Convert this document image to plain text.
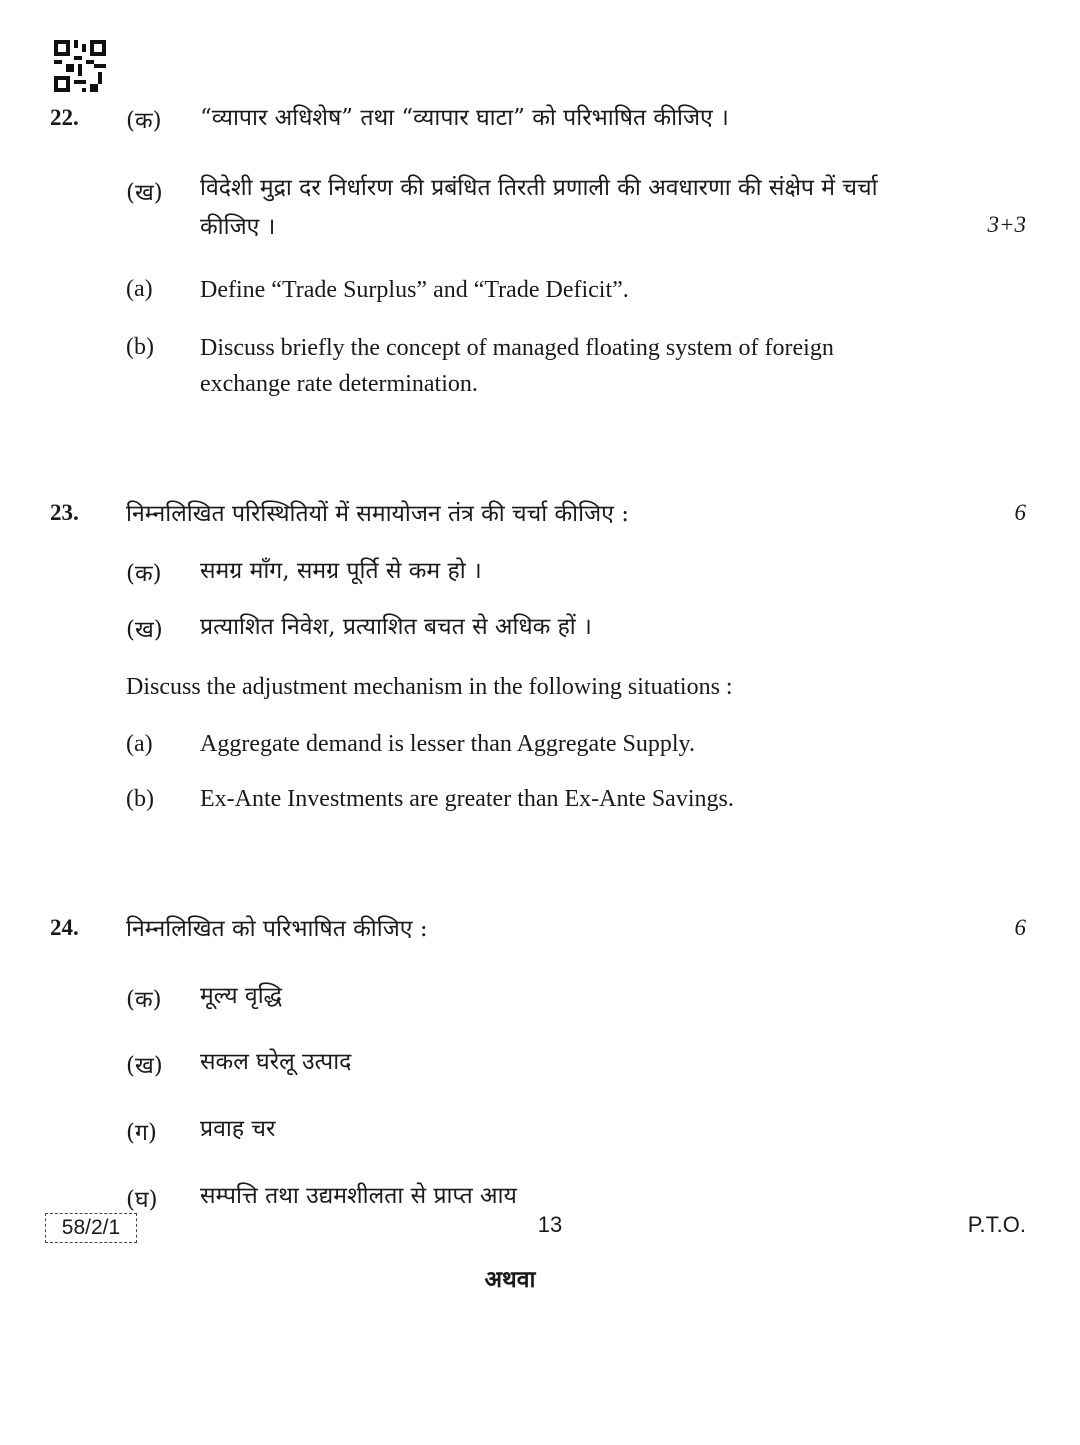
22. (क) “व्यापार अधिशेष” तथा “व्यापार घाटा” को परिभाषित कीजिए ।
(ख) विदेशी मुद्रा दर निर्धारण की प्रबंधित तिरती प्रणाली की अवधारणा की संक्षेप में चर्चा
कीजिए ।	3+3
(a) Define “Trade Surplus” and “Trade Deficit”.
(b) Discuss briefly the concept of managed floating system of foreign
exchange rate determination.
23. निम्नलिखित परिस्थितियों में समायोजन तंत्र की चर्चा कीजिए :	6
(क) समग्र माँग, समग्र पूर्ति से कम हो ।
(ख) प्रत्याशित निवेश, प्रत्याशित बचत से अधिक हों ।
Discuss the adjustment mechanism in the following situations :
(a) Aggregate demand is lesser than Aggregate Supply.
(b) Ex-Ante Investments are greater than Ex-Ante Savings.
24. निम्नलिखित को परिभाषित कीजिए :	6
(क) मूल्य वृद्धि
(ख) सकल घरेलू उत्पाद
(ग) प्रवाह चर
(घ) सम्पत्ति तथा उद्यमशीलता से प्राप्त आय
अथवा
58/2/1	13	P.T.O.
